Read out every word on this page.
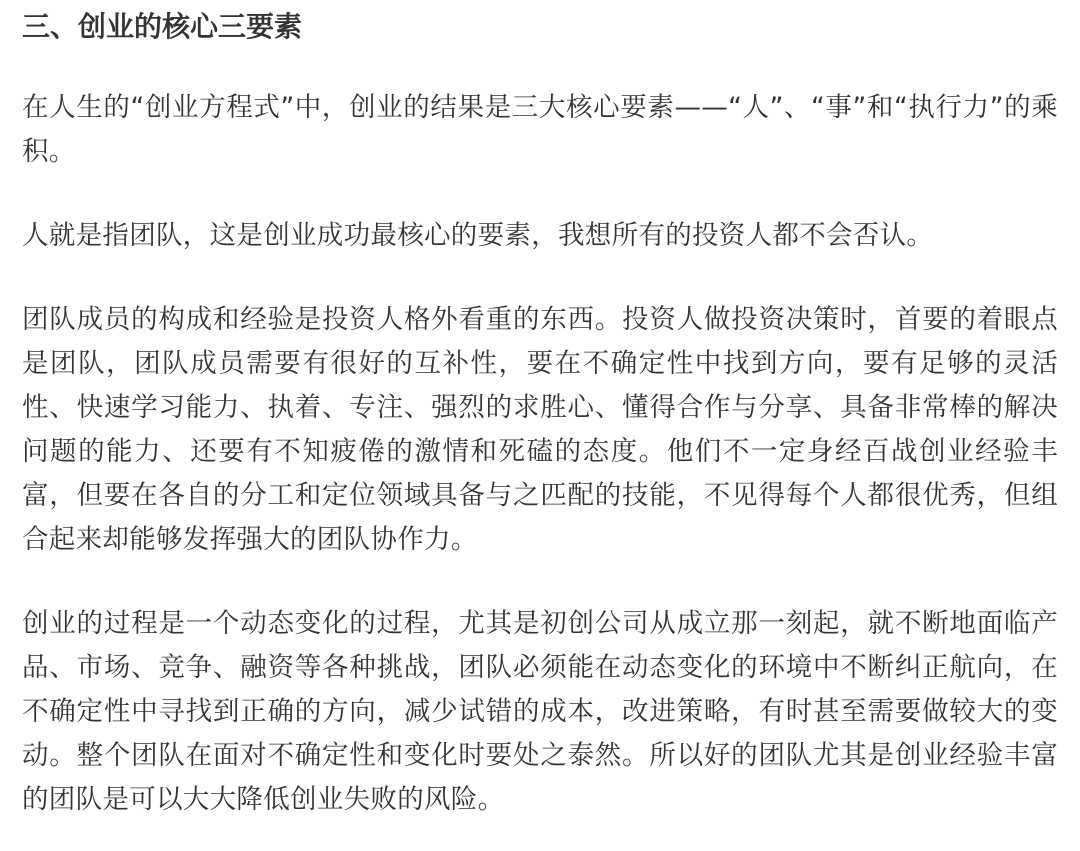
三、创业的核心三要素

在人生的“创业方程式”中，创业的结果是三大核心要素——“人”、“事”和“执行力”的乘积。

人就是指团队，这是创业成功最核心的要素，我想所有的投资人都不会否认。

团队成员的构成和经验是投资人格外看重的东西。投资人做投资决策时，首要的着眼点是团队，团队成员需要有很好的互补性，要在不确定性中找到方向，要有足够的灵活性、快速学习能力、执着、专注、强烈的求胜心、懂得合作与分享、具备非常棒的解决问题的能力、还要有不知疲倦的激情和死磕的态度。他们不一定身经百战创业经验丰富，但要在各自的分工和定位领域具备与之匹配的技能，不见得每个人都很优秀，但组合起来却能够发挥强大的团队协作力。

创业的过程是一个动态变化的过程，尤其是初创公司从成立那一刻起，就不断地面临产品、市场、竞争、融资等各种挑战，团队必须能在动态变化的环境中不断纠正航向，在不确定性中寻找到正确的方向，减少试错的成本，改进策略，有时甚至需要做较大的变动。整个团队在面对不确定性和变化时要处之泰然。所以好的团队尤其是创业经验丰富的团队是可以大大降低创业失败的风险。
